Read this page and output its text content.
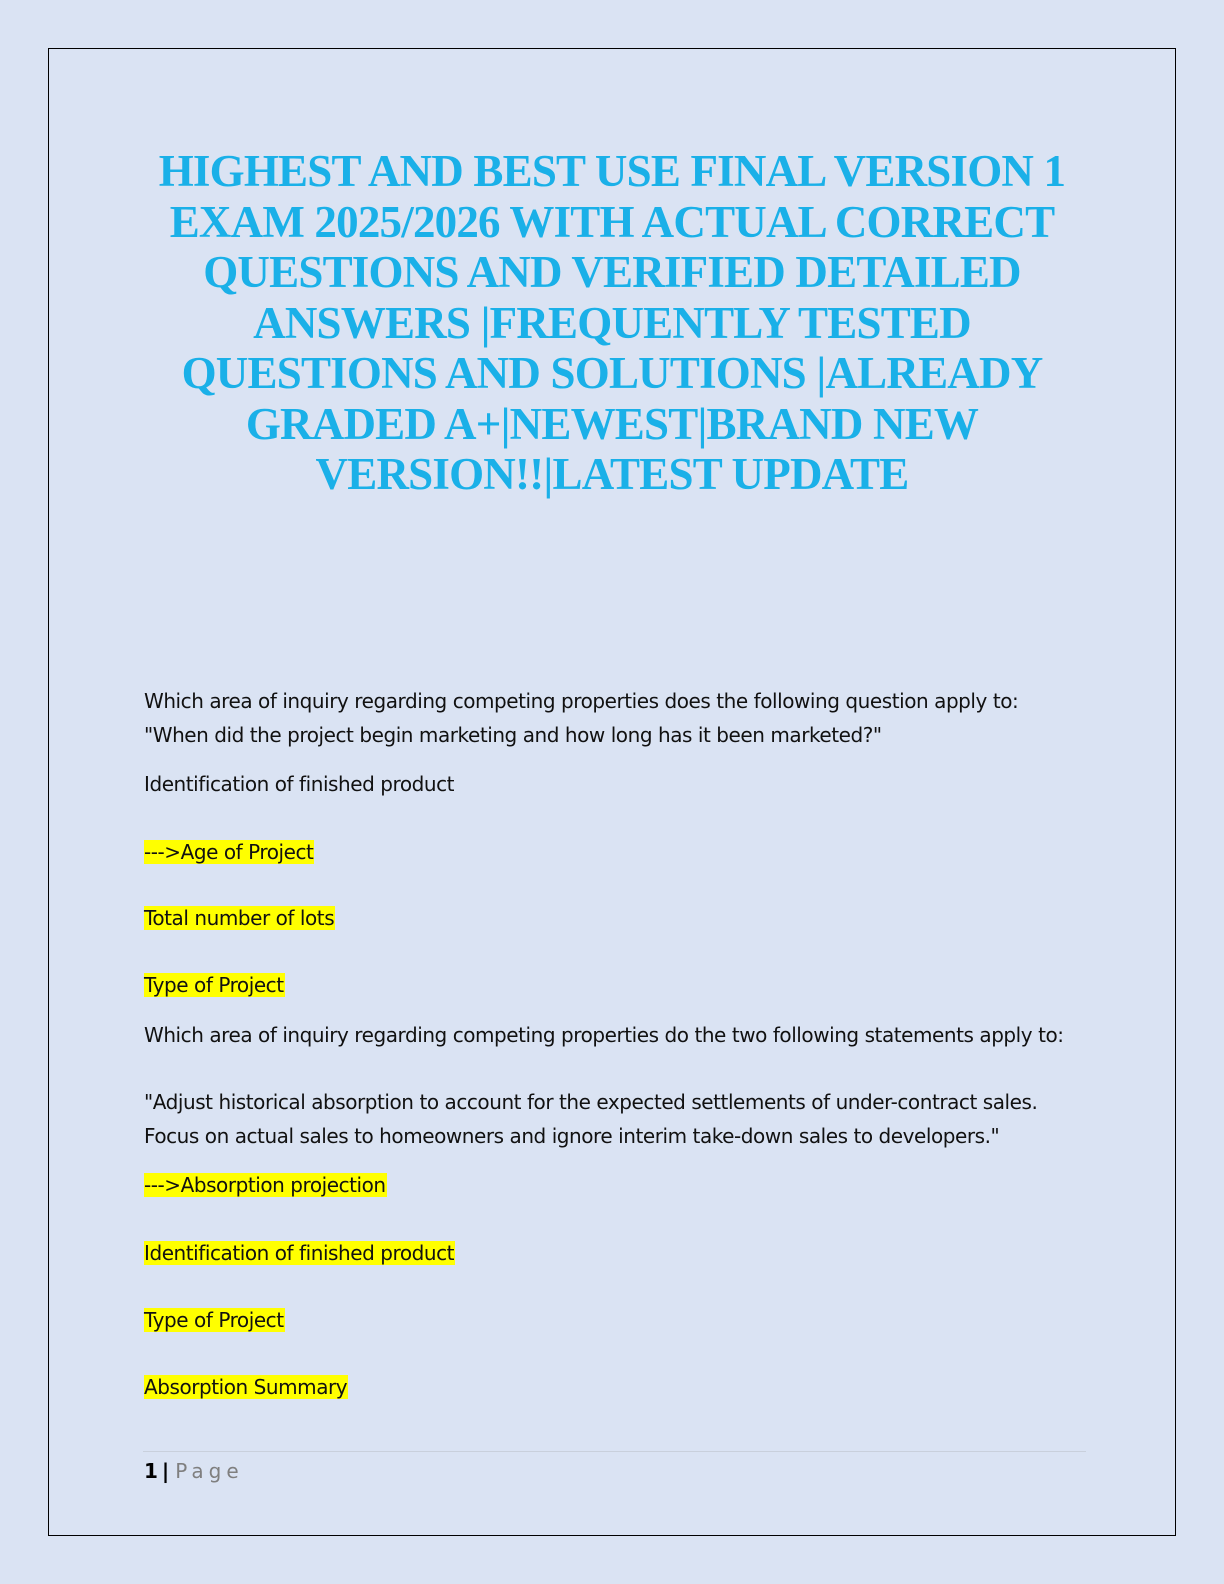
HIGHEST AND BEST USE FINAL VERSION 1
EXAM 2025/2026 WITH ACTUAL CORRECT
QUESTIONS AND VERIFIED DETAILED
ANSWERS |FREQUENTLY TESTED
QUESTIONS AND SOLUTIONS |ALREADY
GRADED A+|NEWEST|BRAND NEW
VERSION!!|LATEST UPDATE
Which area of inquiry regarding competing properties does the following question apply to:
"When did the project begin marketing and how long has it been marketed?"
Identification of finished product
--->Age of Project
Total number of lots
Type of Project
Which area of inquiry regarding competing properties do the two following statements apply to:
"Adjust historical absorption to account for the expected settlements of under-contract sales.
Focus on actual sales to homeowners and ignore interim take-down sales to developers."
--->Absorption projection
Identification of finished product
Type of Project
Absorption Summary
1 | Page
